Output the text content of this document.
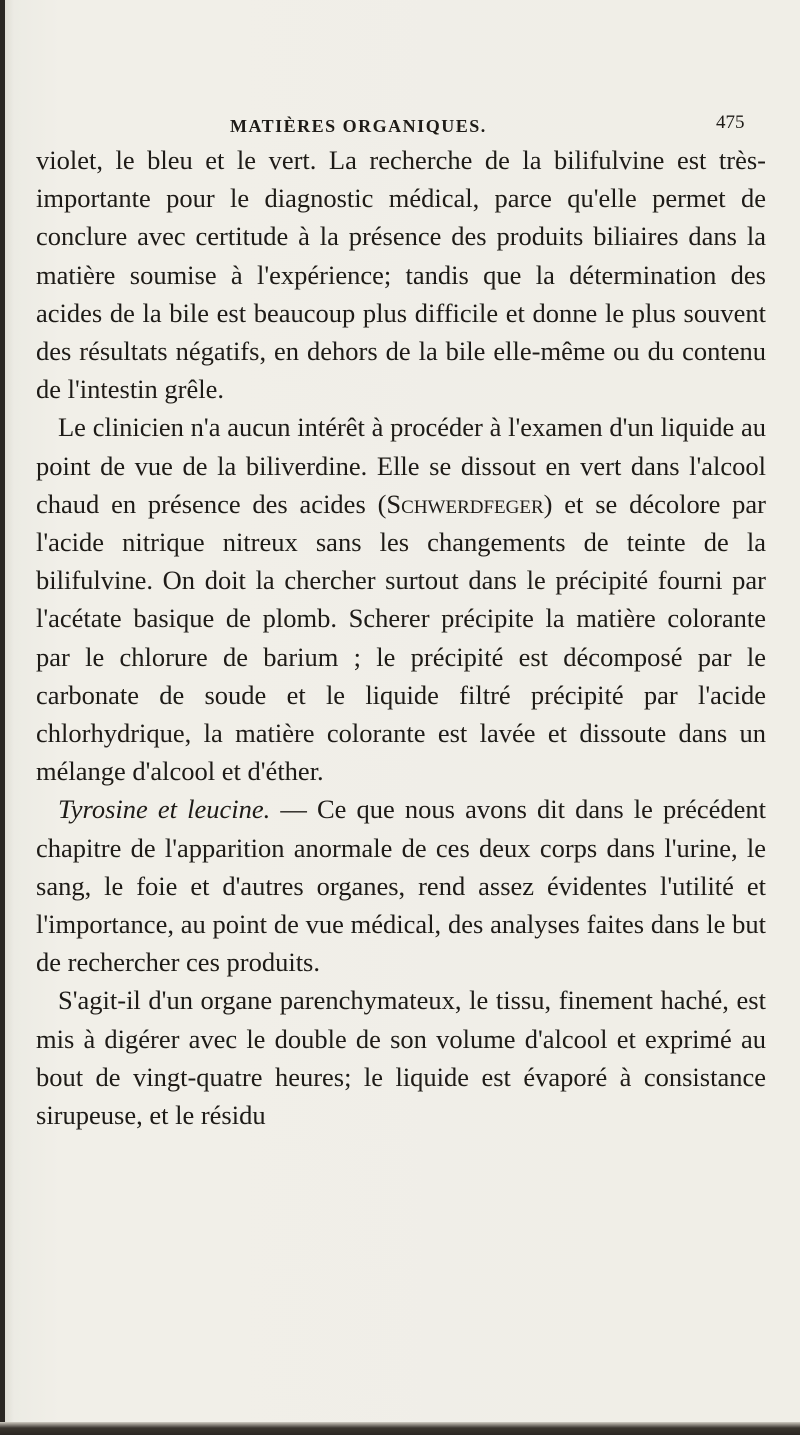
MATIÈRES ORGANIQUES.	475

violet, le bleu et le vert. La recherche de la bilifulvine est très-importante pour le diagnostic médical, parce qu'elle permet de conclure avec certitude à la présence des produits biliaires dans la matière soumise à l'expérience; tandis que la détermination des acides de la bile est beaucoup plus difficile et donne le plus souvent des résultats négatifs, en dehors de la bile elle-même ou du contenu de l'intestin grêle.

Le clinicien n'a aucun intérêt à procéder à l'examen d'un liquide au point de vue de la biliverdine. Elle se dissout en vert dans l'alcool chaud en présence des acides (Schwerdfeger) et se décolore par l'acide nitrique nitreux sans les changements de teinte de la bilifulvine. On doit la chercher surtout dans le précipité fourni par l'acétate basique de plomb. Scherer précipite la matière colorante par le chlorure de barium ; le précipité est décomposé par le carbonate de soude et le liquide filtré précipité par l'acide chlorhydrique, la matière colorante est lavée et dissoute dans un mélange d'alcool et d'éther.

Tyrosine et leucine. — Ce que nous avons dit dans le précédent chapitre de l'apparition anormale de ces deux corps dans l'urine, le sang, le foie et d'autres organes, rend assez évidentes l'utilité et l'importance, au point de vue médical, des analyses faites dans le but de rechercher ces produits.

S'agit-il d'un organe parenchymateux, le tissu, finement haché, est mis à digérer avec le double de son volume d'alcool et exprimé au bout de vingt-quatre heures; le liquide est évaporé à consistance sirupeuse, et le résidu
